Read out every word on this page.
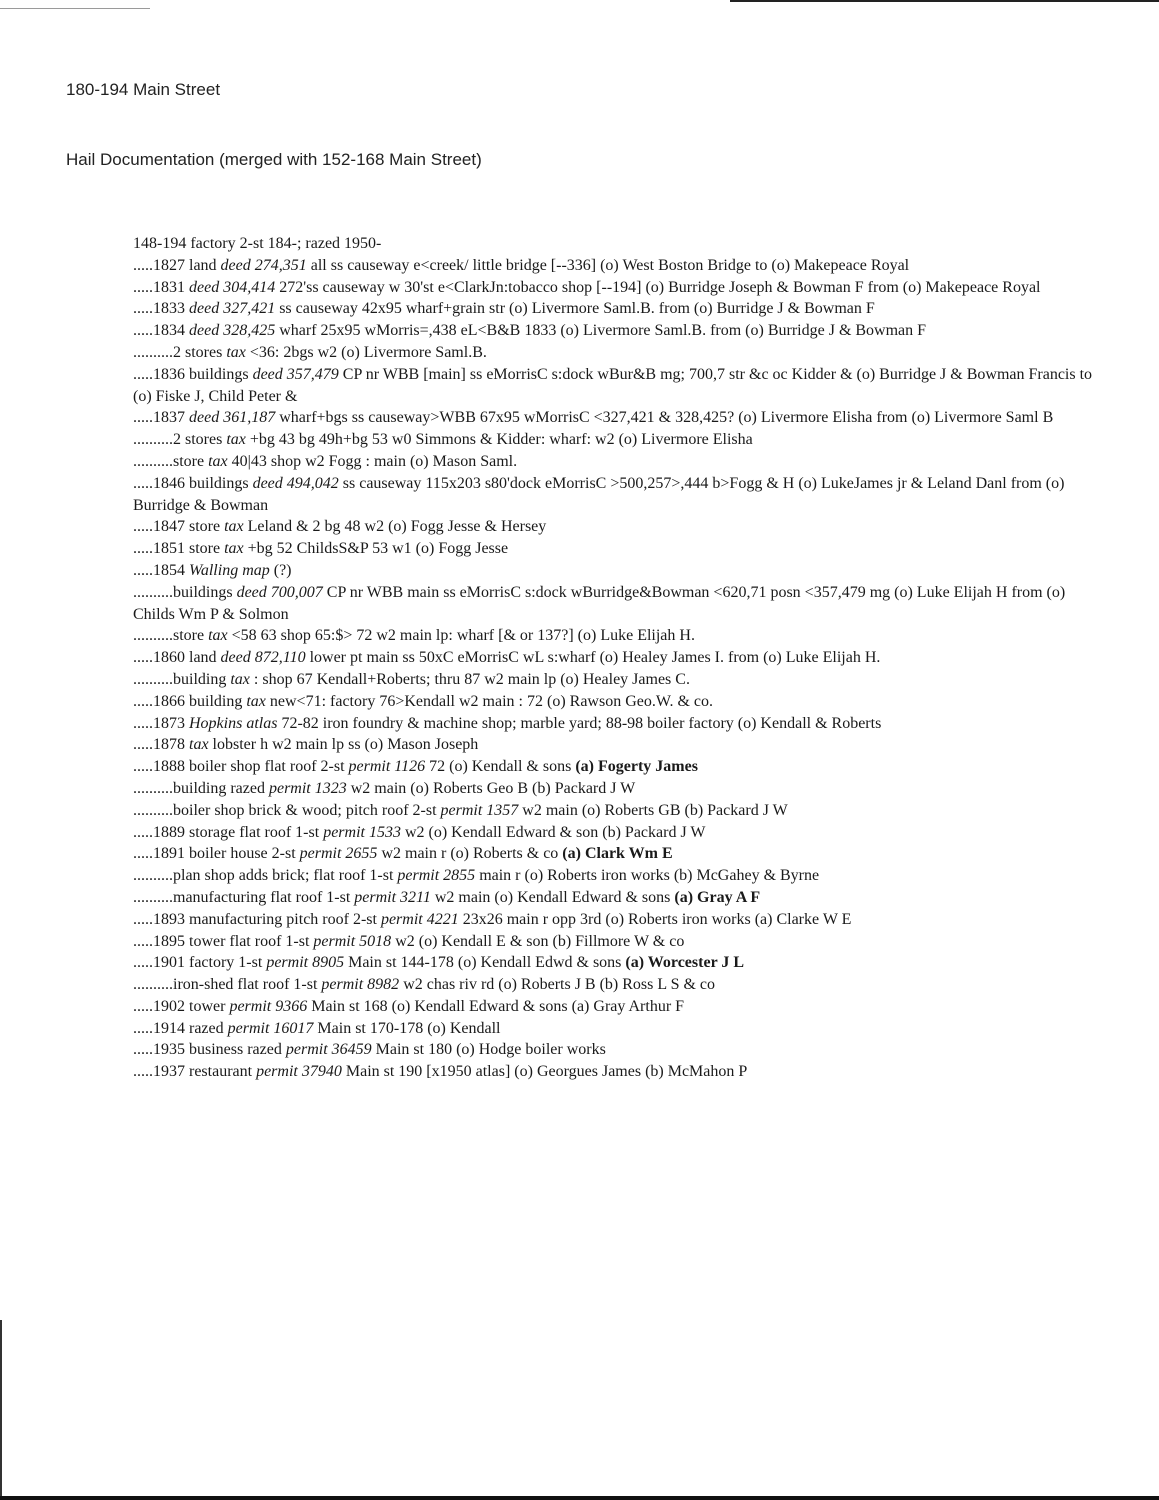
180-194 Main Street
Hail Documentation (merged with 152-168 Main Street)

148-194 factory 2-st 184-; razed 1950-

.....1827 land deed 274,351 all ss causeway e<creek/ little bridge [--336] (o) West Boston Bridge to (o) Makepeace Royal

.....1831 deed 304,414 272'ss causeway w 30'st e<ClarkJn:tobacco shop [--194] (o) Burridge Joseph & Bowman F from (o) Makepeace Royal

.....1833 deed 327,421 ss causeway 42x95 wharf+grain str (o) Livermore Saml.B. from (o) Burridge J & Bowman F

.....1834 deed 328,425 wharf 25x95 wMorris=,438 eL<B&B 1833 (o) Livermore Saml.B. from (o) Burridge J & Bowman F

..........2 stores tax <36: 2bgs w2 (o) Livermore Saml.B.

.....1836 buildings deed 357,479 CP nr WBB [main] ss eMorrisC s:dock wBur&B mg; 700,7 str &c oc Kidder & (o) Burridge J & Bowman Francis to (o) Fiske J, Child Peter &

.....1837 deed 361,187 wharf+bgs ss causeway>WBB 67x95 wMorrisC <327,421 & 328,425? (o) Livermore Elisha from (o) Livermore Saml B

..........2 stores tax +bg 43 bg 49h+bg 53 w0 Simmons & Kidder: wharf: w2 (o) Livermore Elisha

..........store tax 40|43 shop w2 Fogg : main (o) Mason Saml.

.....1846 buildings deed 494,042 ss causeway 115x203 s80'dock eMorrisC >500,257>,444 b>Fogg & H (o) LukeJames jr & Leland Danl from (o) Burridge & Bowman

.....1847 store tax Leland & 2 bg 48 w2 (o) Fogg Jesse & Hersey

.....1851 store tax +bg 52 ChildsS&P 53 w1 (o) Fogg Jesse

.....1854 Walling map (?)

..........buildings deed 700,007 CP nr WBB main ss eMorrisC s:dock wBurridge&Bowman <620,71 posn <357,479 mg (o) Luke Elijah H from (o) Childs Wm P & Solmon

..........store tax <58 63 shop 65:$> 72 w2 main lp: wharf [& or 137?] (o) Luke Elijah H.

.....1860 land deed 872,110 lower pt main ss 50xC eMorrisC wL s:wharf (o) Healey James I. from (o) Luke Elijah H.

..........building tax : shop 67 Kendall+Roberts; thru 87 w2 main lp (o) Healey James C.

.....1866 building tax new<71: factory 76>Kendall w2 main : 72 (o) Rawson Geo.W. & co.

.....1873 Hopkins atlas 72-82 iron foundry & machine shop; marble yard; 88-98 boiler factory (o) Kendall & Roberts

.....1878 tax lobster h w2 main lp ss (o) Mason Joseph

.....1888 boiler shop flat roof 2-st permit 1126 72 (o) Kendall & sons (a) Fogerty James

..........building razed permit 1323 w2 main (o) Roberts Geo B (b) Packard J W

..........boiler shop brick & wood; pitch roof 2-st permit 1357 w2 main (o) Roberts GB (b) Packard J W

.....1889 storage flat roof 1-st permit 1533 w2 (o) Kendall Edward & son (b) Packard J W

.....1891 boiler house 2-st permit 2655 w2 main r (o) Roberts & co (a) Clark Wm E

..........plan shop adds brick; flat roof 1-st permit 2855 main r (o) Roberts iron works (b) McGahey & Byrne

..........manufacturing flat roof 1-st permit 3211 w2 main (o) Kendall Edward & sons (a) Gray A F

.....1893 manufacturing pitch roof 2-st permit 4221 23x26 main r opp 3rd (o) Roberts iron works (a) Clarke W E

.....1895 tower flat roof 1-st permit 5018 w2 (o) Kendall E & son (b) Fillmore W & co

.....1901 factory 1-st permit 8905 Main st 144-178 (o) Kendall Edwd & sons (a) Worcester J L

..........iron-shed flat roof 1-st permit 8982 w2 chas riv rd (o) Roberts J B (b) Ross L S & co

.....1902 tower permit 9366 Main st 168 (o) Kendall Edward & sons (a) Gray Arthur F

.....1914 razed permit 16017 Main st 170-178 (o) Kendall

.....1935 business razed permit 36459 Main st 180 (o) Hodge boiler works

.....1937 restaurant permit 37940 Main st 190 [x1950 atlas] (o) Georgues James (b) McMahon P
